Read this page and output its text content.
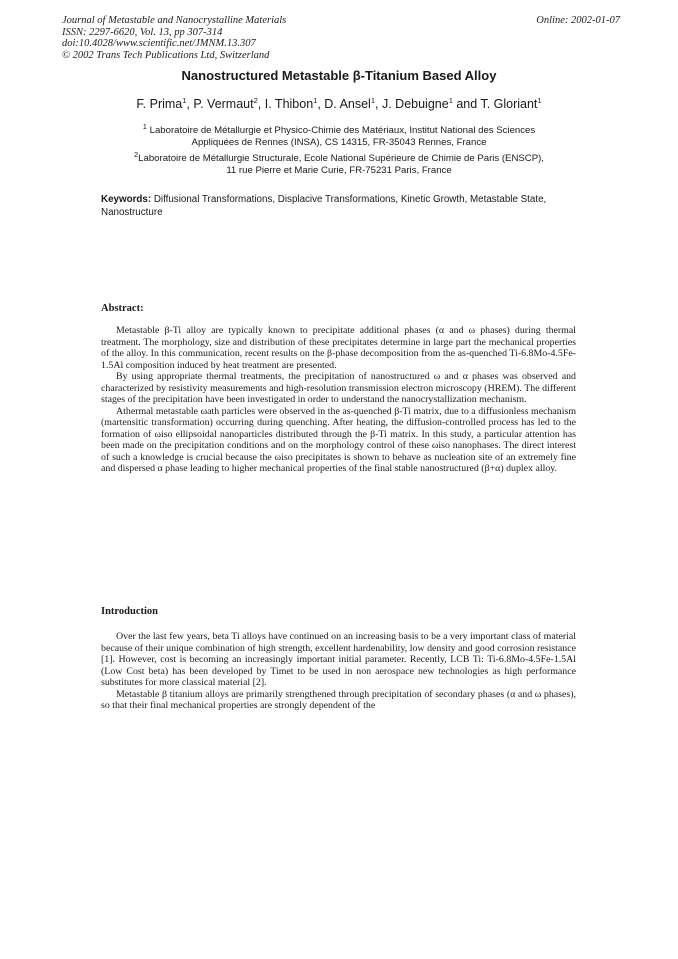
Journal of Metastable and Nanocrystalline Materials
ISSN: 2297-6620, Vol. 13, pp 307-314
doi:10.4028/www.scientific.net/JMNM.13.307
© 2002 Trans Tech Publications Ltd, Switzerland
Online: 2002-01-07
Nanostructured Metastable β-Titanium Based Alloy
F. Prima$^1$, P. Vermaut$^2$, I. Thibon$^1$, D. Ansel$^1$, J. Debuigne$^1$ and T. Gloriant$^1$
$^1$ Laboratoire de Métallurgie et Physico-Chimie des Matériaux, Institut National des Sciences
Appliquées de Rennes (INSA), CS 14315, FR-35043 Rennes, France
$^2$Laboratoire de Métallurgie Structurale, Ecole National Supérieure de Chimie de Paris (ENSCP),
11 rue Pierre et Marie Curie, FR-75231 Paris, France
Keywords: Diffusional Transformations, Displacive Transformations, Kinetic Growth, Metastable State, Nanostructure
Abstract:

Metastable β-Ti alloy are typically known to precipitate additional phases (α and ω phases) during thermal treatment. The morphology, size and distribution of these precipitates determine in large part the mechanical properties of the alloy. In this communication, recent results on the β-phase decomposition from the as-quenched Ti-6.8Mo-4.5Fe-1.5Al composition induced by heat treatment are presented.

By using appropriate thermal treatments, the precipitation of nanostructured ω and α phases was observed and characterized by resistivity measurements and high-resolution transmission electron microscopy (HREM). The different stages of the precipitation have been investigated in order to understand the nanocrystallization mechanism.

Athermal metastable ωath particles were observed in the as-quenched β-Ti matrix, due to a diffusionless mechanism (martensitic transformation) occurring during quenching. After heating, the diffusion-controlled process has led to the formation of ωiso ellipsoidal nanoparticles distributed through the β-Ti matrix. In this study, a particular attention has been made on the precipitation conditions and on the morphology control of these ωiso nanophases. The direct interest of such a knowledge is crucial because the ωiso precipitates is shown to behave as nucleation site of an extremely fine and dispersed α phase leading to higher mechanical properties of the final stable nanostructured (β+α) duplex alloy.

Introduction

Over the last few years, beta Ti alloys have continued on an increasing basis to be a very important class of material because of their unique combination of high strength, excellent hardenability, low density and good corrosion resistance [1]. However, cost is becoming an increasingly important initial parameter. Recently, LCB Ti: Ti-6.8Mo-4.5Fe-1.5Al (Low Cost beta) has been developed by Timet to be used in non aerospace new technologies as high performance substitutes for more classical material [2].

Metastable β titanium alloys are primarily strengthened through precipitation of secondary phases (α and ω phases), so that their final mechanical properties are strongly dependent of the
